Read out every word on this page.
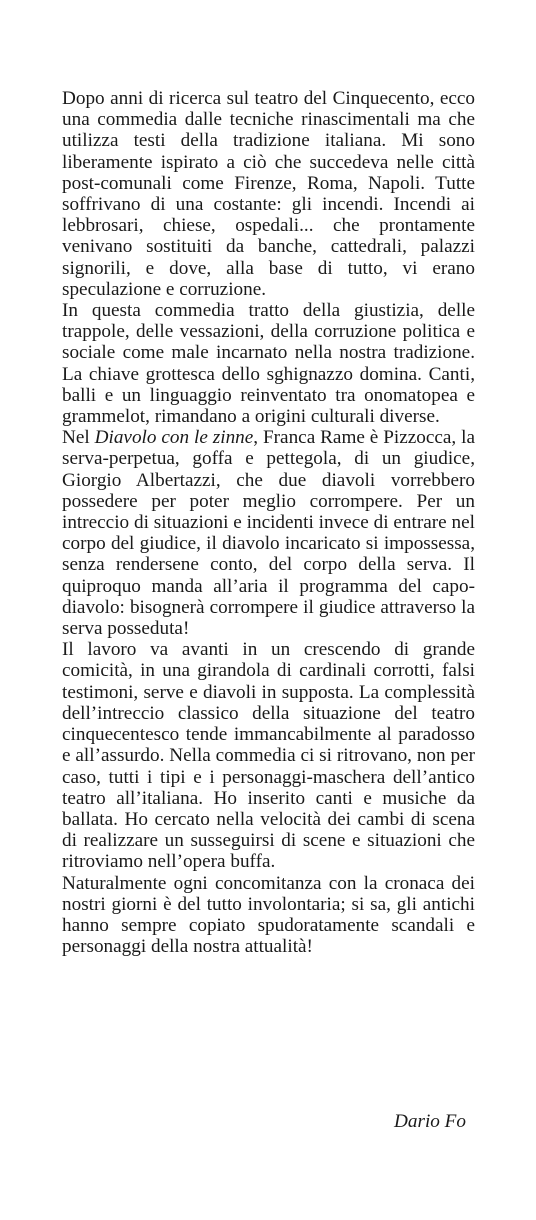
Dopo anni di ricerca sul teatro del Cinquecento, ecco una commedia dalle tecniche rinascimentali ma che utilizza testi della tradizione italiana. Mi sono liberamente ispirato a ciò che succedeva nelle città post-comunali come Firenze, Roma, Napoli. Tutte soffrivano di una costante: gli incendi. Incendi ai lebbrosari, chiese, ospedali... che prontamente venivano sostituiti da banche, cattedrali, palazzi signorili, e dove, alla base di tutto, vi erano speculazione e corruzione.

In questa commedia tratto della giustizia, delle trappole, delle vessazioni, della corruzione politica e sociale come male incarnato nella nostra tradizione. La chiave grottesca dello sghignazzo domina. Canti, balli e un linguaggio reinventato tra onomatopea e grammelot, rimandano a origini culturali diverse.

Nel Diavolo con le zinne, Franca Rame è Pizzocca, la serva-perpetua, goffa e pettegola, di un giudice, Giorgio Albertazzi, che due diavoli vorrebbero possedere per poter meglio corrompere. Per un intreccio di situazioni e incidenti invece di entrare nel corpo del giudice, il diavolo incaricato si impossessa, senza rendersene conto, del corpo della serva. Il quiproquo manda all’aria il programma del capo-diavolo: bisognerà corrompere il giudice attraverso la serva posseduta!

Il lavoro va avanti in un crescendo di grande comicità, in una girandola di cardinali corrotti, falsi testimoni, serve e diavoli in supposta. La complessità dell’intreccio classico della situazione del teatro cinquecentesco tende immancabilmente al paradosso e all’assurdo. Nella commedia ci si ritrovano, non per caso, tutti i tipi e i personaggi-maschera dell’antico teatro all’italiana. Ho inserito canti e musiche da ballata. Ho cercato nella velocità dei cambi di scena di realizzare un susseguirsi di scene e situazioni che ritroviamo nell’opera buffa.

Naturalmente ogni concomitanza con la cronaca dei nostri giorni è del tutto involontaria; si sa, gli antichi hanno sempre copiato spudoratamente scandali e personaggi della nostra attualità!

Dario Fo
